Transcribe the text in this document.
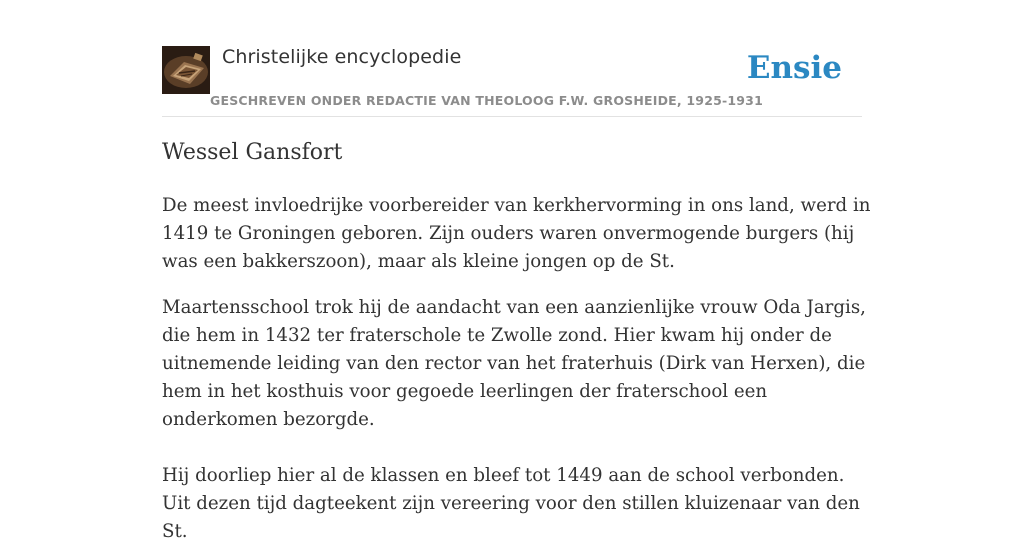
Christelijke encyclopedie
GESCHREVEN ONDER REDACTIE VAN THEOLOOG F.W. GROSHEIDE, 1925-1931
Ensie
Wessel Gansfort

De meest invloedrijke voorbereider van kerkhervorming in ons land, werd in 1419 te Groningen geboren. Zijn ouders waren onvermogende burgers (hij was een bakkerszoon), maar als kleine jongen op de St.

Maartensschool trok hij de aandacht van een aanzienlijke vrouw Oda Jargis, die hem in 1432 ter fraterschole te Zwolle zond. Hier kwam hij onder de uitnemende leiding van den rector van het fraterhuis (Dirk van Herxen), die hem in het kosthuis voor gegoede leerlingen der fraterschool een onderkomen bezorgde.

Hij doorliep hier al de klassen en bleef tot 1449 aan de school verbonden. Uit dezen tijd dagteekent zijn vereering voor den stillen kluizenaar van den St.
